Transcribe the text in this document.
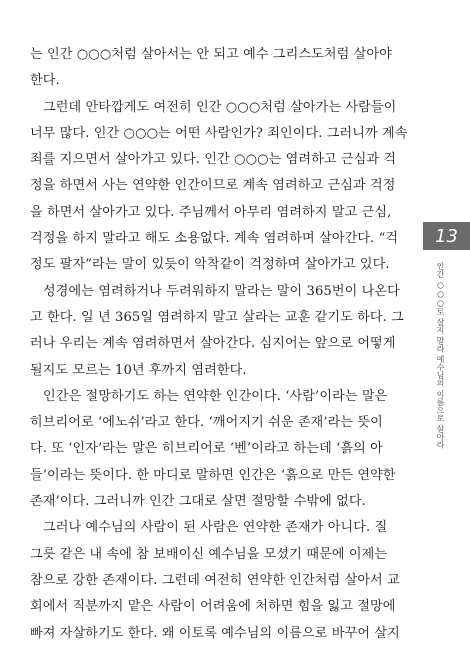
는 인간 ○○○처럼 살아서는 안 되고 예수 그리스도처럼 살아야
한다.
그런데 안타깝게도 여전히 인간 ○○○처럼 살아가는 사람들이
너무 많다. 인간 ○○○는 어떤 사람인가? 죄인이다. 그러니까 계속
죄를 지으면서 살아가고 있다. 인간 ○○○는 염려하고 근심과 걱
정을 하면서 사는 연약한 인간이므로 계속 염려하고 근심과 걱정
을 하면서 살아가고 있다. 주님께서 아무리 염려하지 말고 근심,
걱정을 하지 말라고 해도 소용없다. 계속 염려하며 살아간다. “걱
정도 팔자”라는 말이 있듯이 악착같이 걱정하며 살아가고 있다.
성경에는 염려하거나 두려워하지 말라는 말이 365번이 나온다
고 한다. 일 년 365일 염려하지 말고 살라는 교훈 같기도 하다. 그
러나 우리는 계속 염려하면서 살아간다. 심지어는 앞으로 어떻게
될지도 모르는 10년 후까지 염려한다.
인간은 절망하기도 하는 연약한 인간이다. ‘사람’이라는 말은
히브리어로 ‘에노쉬’라고 한다. ‘깨어지기 쉬운 존재’라는 뜻이
다. 또 ‘인자’라는 말은 히브리어로 ‘벤’이라고 하는데 ‘흙의 아
들’이라는 뜻이다. 한 마디로 말하면 인간은 ‘흙으로 만든 연약한
존재’이다. 그러니까 인간 그대로 살면 절망할 수밖에 없다.
그러나 예수님의 사람이 된 사람은 연약한 존재가 아니다. 질
그릇 같은 내 속에 참 보배이신 예수님을 모셨기 때문에 이제는
참으로 강한 존재이다. 그런데 여전히 연약한 인간처럼 살아서 교
회에서 직분까지 맡은 사람이 어려움에 처하면 힘을 잃고 절망에
빠져 자살하기도 한다. 왜 이토록 예수님의 이름으로 바꾸어 살지
13
인간 ○○○로 살지 말라 예수님의 이름으로 살아라
